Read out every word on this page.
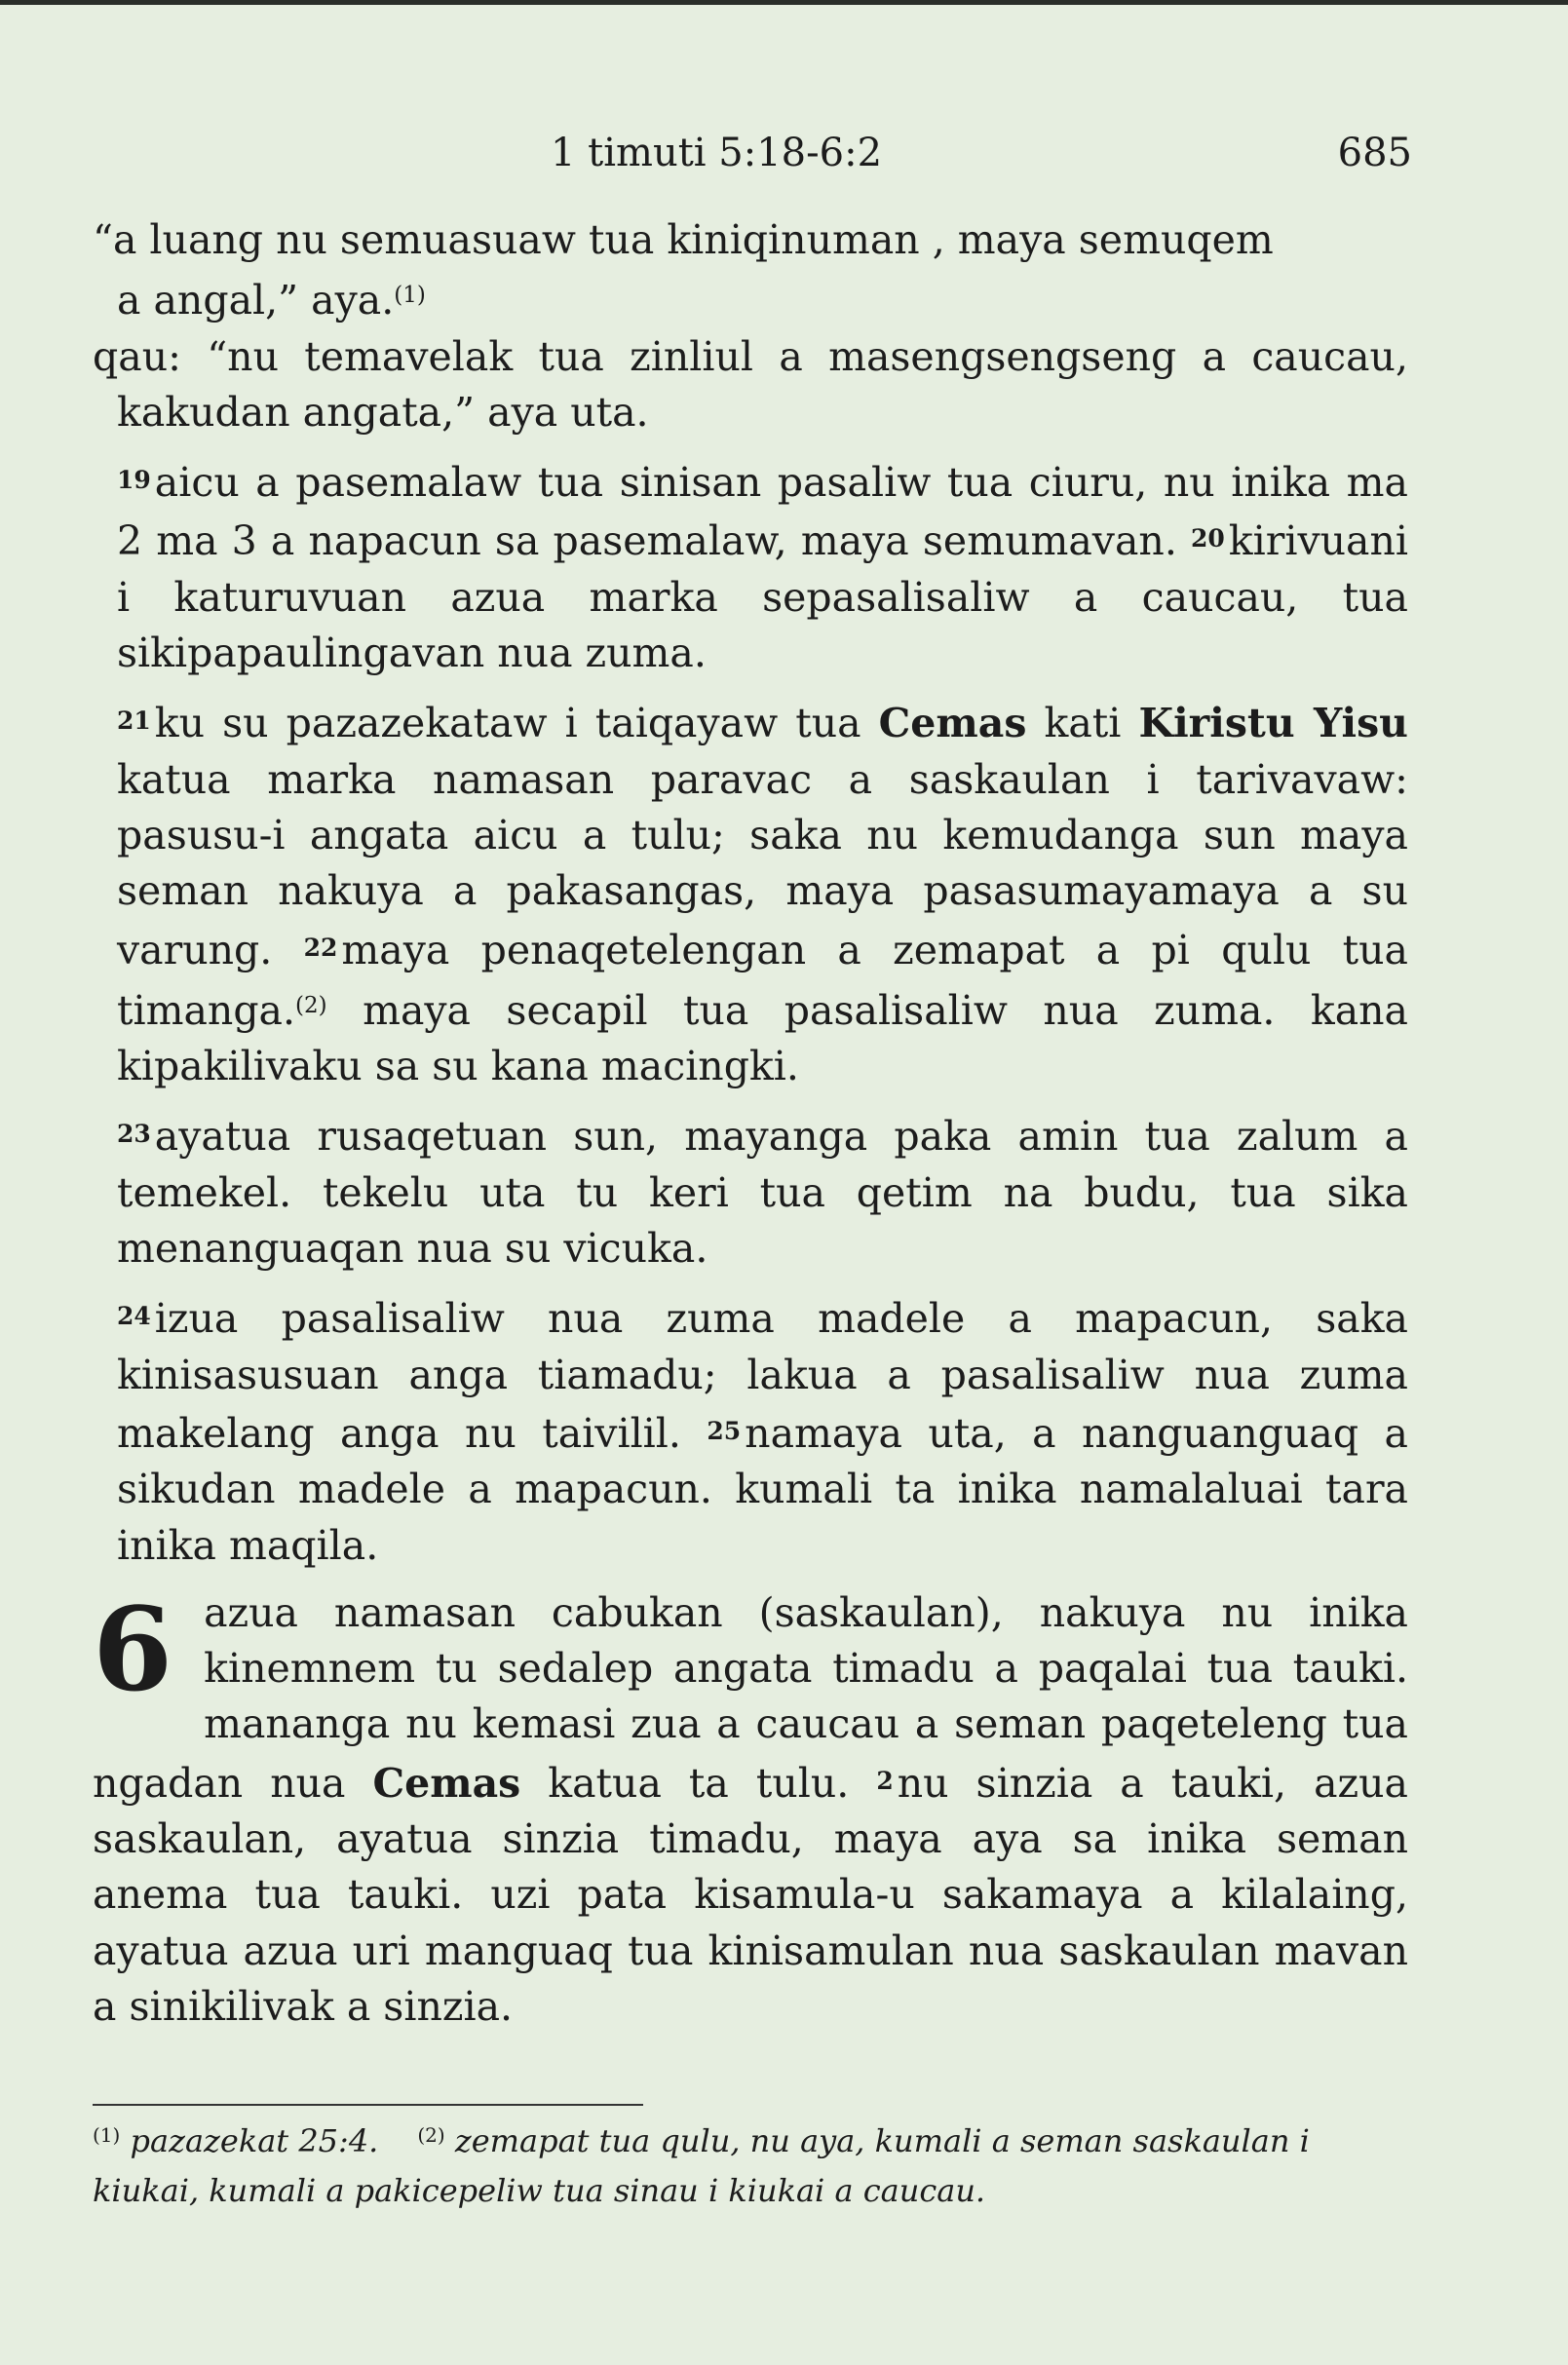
1 timuti 5:18-6:2	685

“a luang nu semuasuaw tua kiniqinuman , maya semuqem

a angal,” aya.$^{(1)}$

qau: “nu temavelak tua zinliul a masengsengseng a caucau, kakudan angata,” aya uta.

$^{19}$aicu a pasemalaw tua sinisan pasaliw tua ciuru, nu inika ma 2 ma 3 a napacun sa pasemalaw, maya semumavan. $^{20}$kirivuani i katuruvuan azua marka sepasalisaliw a caucau, tua sikipapaulingavan nua zuma.

$^{21}$ku su pazazekataw i taiqayaw tua Cemas kati Kiristu Yisu katua marka namasan paravac a saskaulan i tarivavaw: pasusu-i angata aicu a tulu; saka nu kemudanga sun maya seman nakuya a pakasangas, maya pasasumayamaya a su varung. $^{22}$maya penaqetelengan a zemapat a pi qulu tua timanga.$^{(2)}$ maya secapil tua pasalisaliw nua zuma. kana kipakilivaku sa su kana macingki.

$^{23}$ayatua rusaqetuan sun, mayanga paka amin tua zalum a temekel. tekelu uta tu keri tua qetim na budu, tua sika menanguaqan nua su vicuka.

$^{24}$izua pasalisaliw nua zuma madele a mapacun, saka kinisasusuan anga tiamadu; lakua a pasalisaliw nua zuma makelang anga nu taivilil. $^{25}$namaya uta, a nanguanguaq a sikudan madele a mapacun. kumali ta inika namalaluai tara inika maqila.

6 azua namasan cabukan (saskaulan), nakuya nu inika kinemnem tu sedalep angata timadu a paqalai tua tauki. mananga nu kemasi zua a caucau a seman paqeteleng tua ngadan nua Cemas katua ta tulu. $^2$nu sinzia a tauki, azua saskaulan, ayatua sinzia timadu, maya aya sa inika seman anema tua tauki. uzi pata kisamula-u sakamaya a kilalaing, ayatua azua uri manguaq tua kinisamulan nua saskaulan mavan a sinikilivak a sinzia.

$^{(1)}$ pazazekat 25:4. $^{(2)}$ zemapat tua qulu, nu aya, kumali a seman saskaulan i kiukai, kumali a pakicepeliw tua sinau i kiukai a caucau.
